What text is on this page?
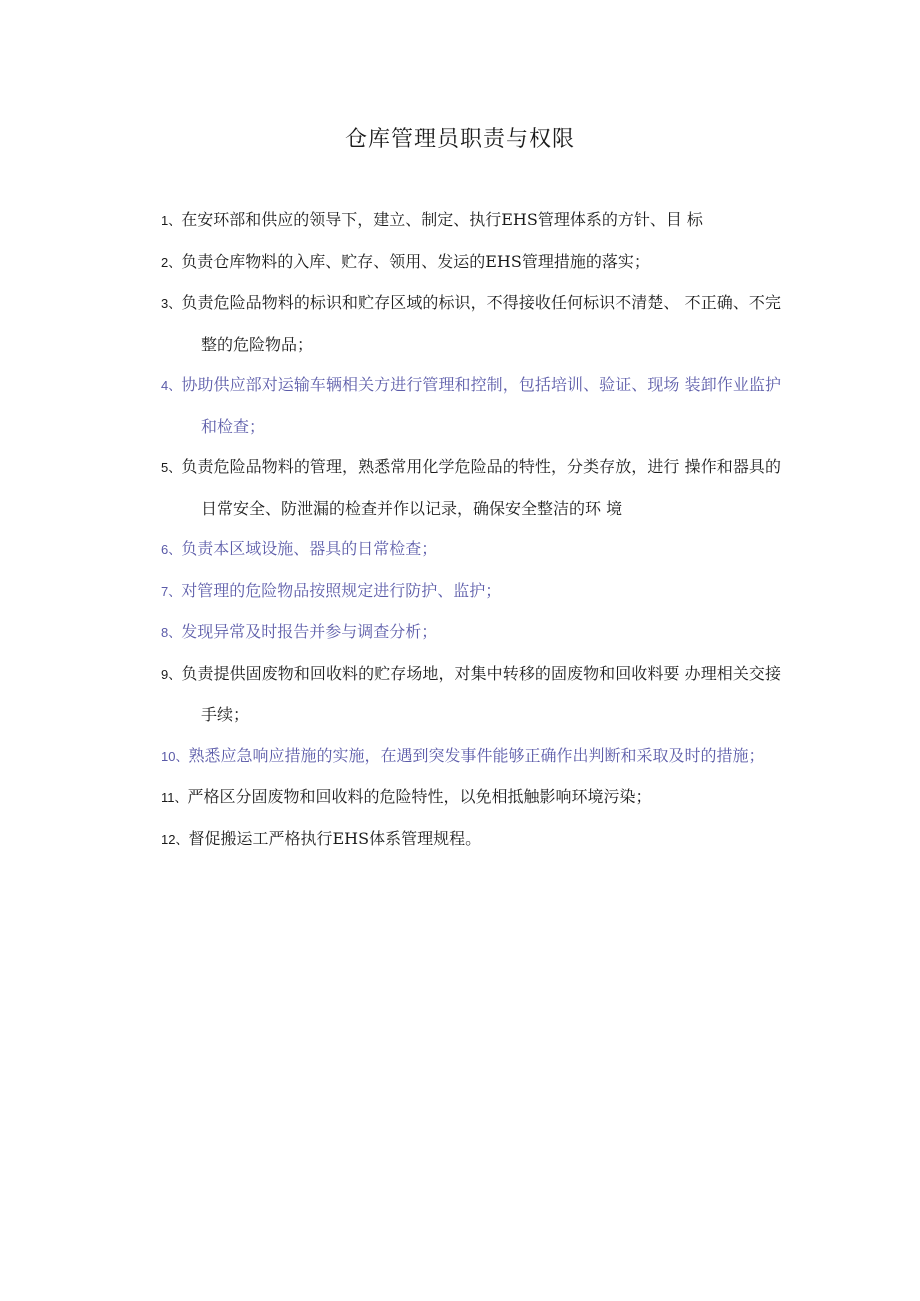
仓库管理员职责与权限
1、在安环部和供应的领导下，建立、制定、执行EHS管理体系的方针、目 标
2、负责仓库物料的入库、贮存、领用、发运的EHS管理措施的落实；
3、负责危险品物料的标识和贮存区域的标识，不得接收任何标识不清楚、 不正确、不完整的危险物品；
4、协助供应部对运输车辆相关方进行管理和控制，包括培训、验证、现场 装卸作业监护和检查；
5、负责危险品物料的管理，熟悉常用化学危险品的特性，分类存放，进行 操作和器具的日常安全、防泄漏的检查并作以记录，确保安全整洁的环 境
6、负责本区域设施、器具的日常检查；
7、对管理的危险物品按照规定进行防护、监护；
8、发现异常及时报告并参与调查分析；
9、负责提供固废物和回收料的贮存场地，对集中转移的固废物和回收料要 办理相关交接手续；
10、熟悉应急响应措施的实施，在遇到突发事件能够正确作出判断和采取及时的措施；
11、严格区分固废物和回收料的危险特性，以免相抵触影响环境污染；
12、督促搬运工严格执行EHS体系管理规程。
